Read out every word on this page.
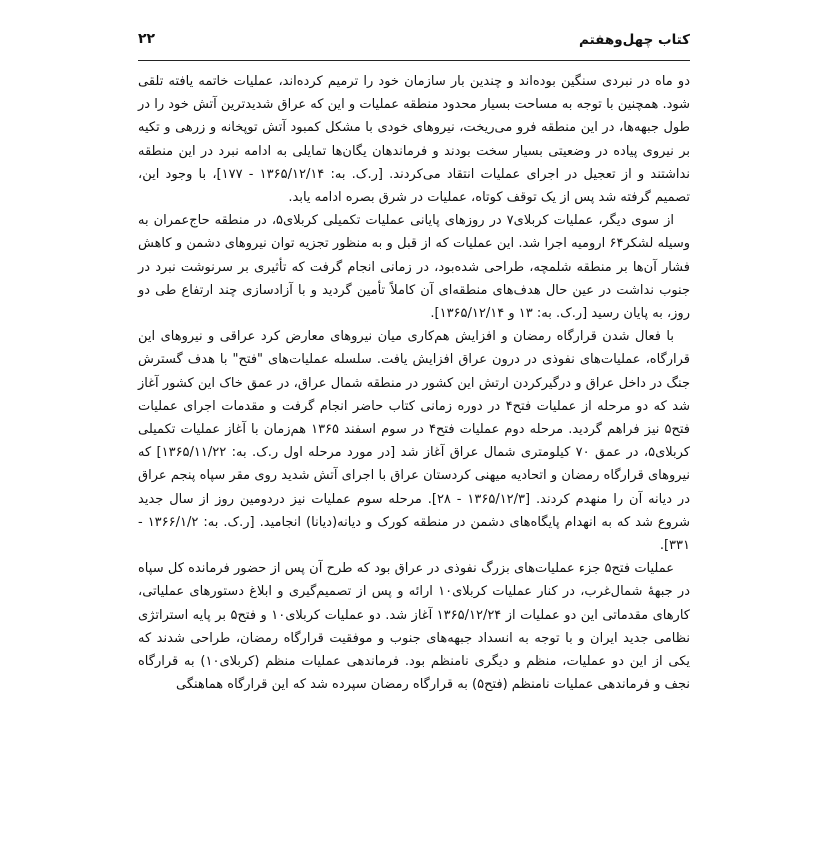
کتاب چهل‌وهفتم
۲۲

دو ماه در نبردی سنگین بوده‌اند و چندین بار سازمان خود را ترمیم کرده‌اند، عملیات خاتمه یافته تلقی شود. همچنین با توجه به مساحت بسیار محدود منطقه عملیات و این که عراق شدیدترین آتش خود را در طول جبهه‌ها، در این منطقه فرو می‌ریخت، نیروهای خودی با مشکل کمبود آتش توپخانه و زرهی و تکیه بر نیروی پیاده در وضعیتی بسیار سخت بودند و فرماندهان یگان‌ها تمایلی به ادامه نبرد در این منطقه نداشتند و از تعجیل در اجرای عملیات انتقاد می‌کردند. [ر.ک. به: ۱۳۶۵/۱۲/۱۴ - ۱۷۷]، با وجود این، تصمیم گرفته شد پس از یک توقف کوتاه، عملیات در شرق بصره ادامه یابد.

از سوی دیگر، عملیات کربلای۷ در روزهای پایانی عملیات تکمیلی کربلای۵، در منطقه حاج‌عمران به وسیله لشکر۶۴ ارومیه اجرا شد. این عملیات که از قبل و به منظور تجزیه توان نیروهای دشمن و کاهش فشار آن‌ها بر منطقه شلمچه، طراحی شده‌بود، در زمانی انجام گرفت که تأثیری بر سرنوشت نبرد در جنوب نداشت در عین حال هدف‌های منطقه‌ای آن کاملاً تأمین گردید و با آزادسازی چند ارتفاع طی دو روز، به پایان رسید [ر.ک. به: ۱۳ و ۱۳۶۵/۱۲/۱۴].

با فعال شدن قرارگاه رمضان و افزایش هم‌کاری میان نیروهای معارض کرد عراقی و نیروهای این قرارگاه، عملیات‌های نفوذی در درون عراق افزایش یافت. سلسله عملیات‌های "فتح" با هدف گسترش جنگ در داخل عراق و درگیرکردن ارتش این کشور در منطقه شمال عراق، در عمق خاک این کشور آغاز شد که دو مرحله از عملیات فتح۴ در دوره زمانی کتاب حاضر انجام گرفت و مقدمات اجرای عملیات فتح۵ نیز فراهم گردید. مرحله دوم عملیات فتح۴ در سوم اسفند ۱۳۶۵ هم‌زمان با آغاز عملیات تکمیلی کربلای۵، در عمق ۷۰ کیلومتری شمال عراق آغاز شد [در مورد مرحله اول ر.ک. به: ۱۳۶۵/۱۱/۲۲] که نیروهای قرارگاه رمضان و اتحادیه میهنی کردستان عراق با اجرای آتش شدید روی مقر سپاه پنجم عراق در دیانه آن را منهدم کردند. [۱۳۶۵/۱۲/۳ - ۲۸]. مرحله سوم عملیات نیز دردومین روز از سال جدید شروع شد که به انهدام پایگاه‌های دشمن در منطقه کورک و دیانه(دیانا) انجامید. [ر.ک. به: ۱۳۶۶/۱/۲ - ۳۳۱].

عملیات فتح۵ جزء عملیات‌های بزرگ نفوذی در عراق بود که طرح آن پس از حضور فرمانده کل سپاه در جبههٔ شمال‌غرب، در کنار عملیات کربلای۱۰ ارائه و پس از تصمیم‌گیری و ابلاغ دستورهای عملیاتی، کارهای مقدماتی این دو عملیات از ۱۳۶۵/۱۲/۲۴ آغاز شد. دو عملیات کربلای۱۰ و فتح۵ بر پایه استراتژی نظامی جدید ایران و با توجه به انسداد جبهه‌های جنوب و موفقیت قرارگاه رمضان، طراحی شدند که یکی از این دو عملیات، منظم و دیگری نامنظم بود. فرماندهی عملیات منظم (کربلای۱۰) به قرارگاه نجف و فرماندهی عملیات نامنظم (فتح۵) به قرارگاه رمضان سپرده شد که این قرارگاه هماهنگی
